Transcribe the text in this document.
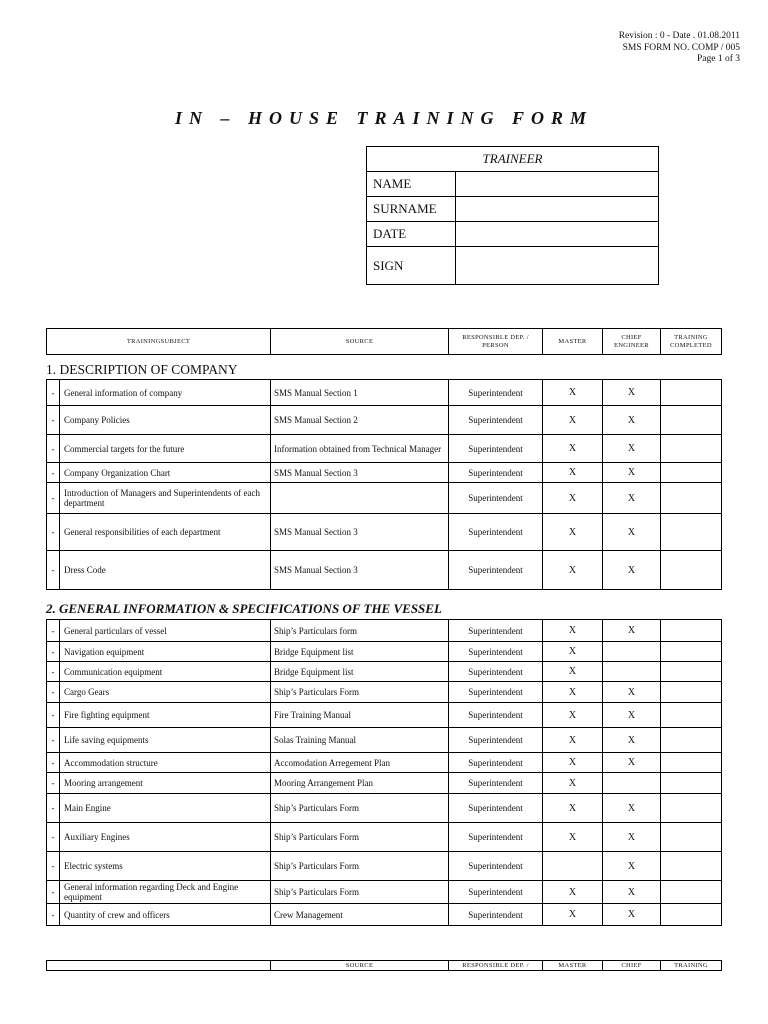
Revision : 0 - Date . 01.08.2011
SMS FORM NO. COMP / 005
Page 1 of 3
IN – HOUSE TRAINING FORM
TRAINEER	
NAME	
SURNAME	
DATE	
SIGN	
TRAININGSUBJECT	SOURCE	RESPONSIBLE DEP. / PERSON	MASTER	CHIEF ENGINEER	TRAINING COMPLETED
1. DESCRIPTION OF COMPANY
-	General information of company	SMS Manual Section 1	Superintendent	X	X	
-	Company Policies	SMS Manual Section 2	Superintendent	X	X	
-	Commercial targets for the future	Information obtained from Technical Manager	Superintendent	X	X	
-	Company Organization Chart	SMS Manual Section 3	Superintendent	X	X	
-	Introduction of Managers and Superintendents of each department		Superintendent	X	X	
-	General responsibilities of each department	SMS Manual Section 3	Superintendent	X	X	
-	Dress Code	SMS Manual Section 3	Superintendent	X	X	
2. GENERAL INFORMATION & SPECIFICATIONS OF THE VESSEL
-	General particulars of vessel	Ship’s Particulars form	Superintendent	X	X	
-	Navigation equipment	Bridge Equipment list	Superintendent	X		
-	Communication equipment	Bridge Equipment list	Superintendent	X		
-	Cargo Gears	Ship’s Particulars Form	Superintendent	X	X	
-	Fire fighting equipment	Fire Training Manual	Superintendent	X	X	
-	Life saving equipments	Solas Training Manual	Superintendent	X	X	
-	Accommodation structure	Accomodation Arregement Plan	Superintendent	X	X	
-	Mooring arrangement	Mooring Arrangement Plan	Superintendent	X		
-	Main Engine	Ship’s Particulars Form	Superintendent	X	X	
-	Auxiliary Engines	Ship’s Particulars Form	Superintendent	X	X	
-	Electric systems	Ship’s Particulars Form	Superintendent		X	
-	General information regarding Deck and Engine equipment	Ship’s Particulars Form	Superintendent	X	X	
-	Quantity of crew and officers	Crew Management	Superintendent	X	X	
	SOURCE	RESPONSIBLE DEP. /	MASTER	CHIEF	TRAINING
